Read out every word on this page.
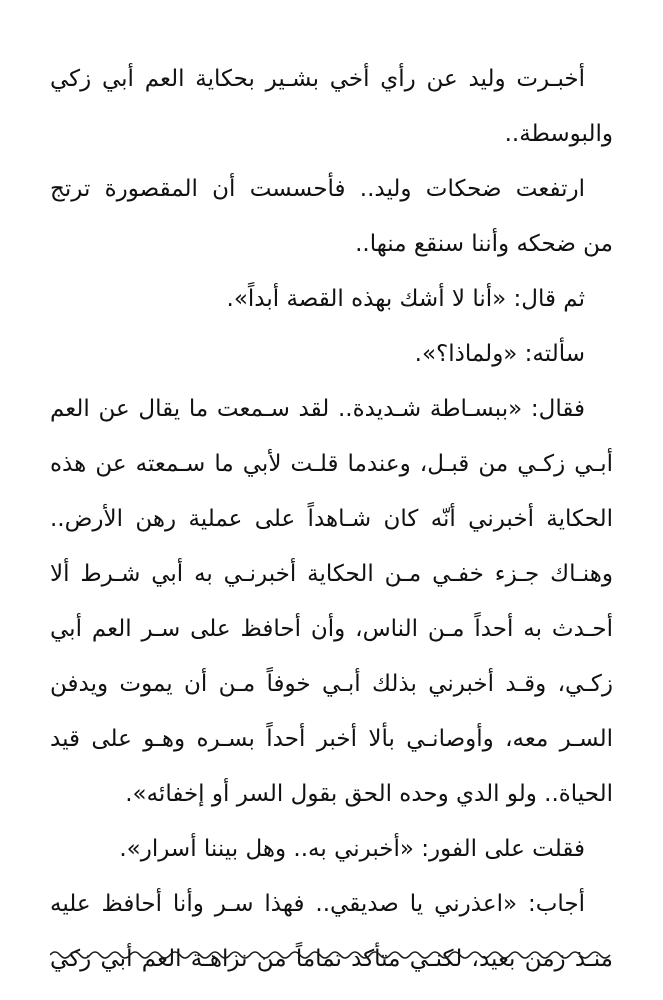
أخبـرت وليد عن رأي أخي بشـير بحكاية العم أبي زكي
والبوسطة..
ارتفعت ضحكات وليد.. فأحسست أن المقصورة ترتج
من ضحكه وأننا سنقع منها..
ثم قال: «أنا لا أشك بهذه القصة أبداً».
سألته: «ولماذا؟».
فقال: «ببسـاطة شـديدة.. لقد سـمعت ما يقال عن العم
أبـي زكـي من قبـل، وعندما قلـت لأبي ما سـمعته عن هذه
الحكاية أخبرني أنّه كان شـاهداً على عملية رهن الأرض..
وهنـاك جـزء خفـي مـن الحكاية أخبرنـي به أبي شـرط ألا
أحـدث به أحداً مـن الناس، وأن أحافظ على سـر العم أبي
زكـي، وقـد أخبرني بذلك أبـي خوفاً مـن أن يموت ويدفن
السـر معه، وأوصانـي بألا أخبر أحداً بسـره وهـو على قيد
الحياة.. ولو الدي وحده الحق بقول السر أو إخفائه».
فقلت على الفور: «أخبرني به.. وهل بيننا أسرار».
أجاب: «اعذرني يا صديقي.. فهذا سـر وأنا أحافظ عليه
منـذ زمن بعيد، لكنـي متأكد تماماً من نزاهـة العم أبي زكي
